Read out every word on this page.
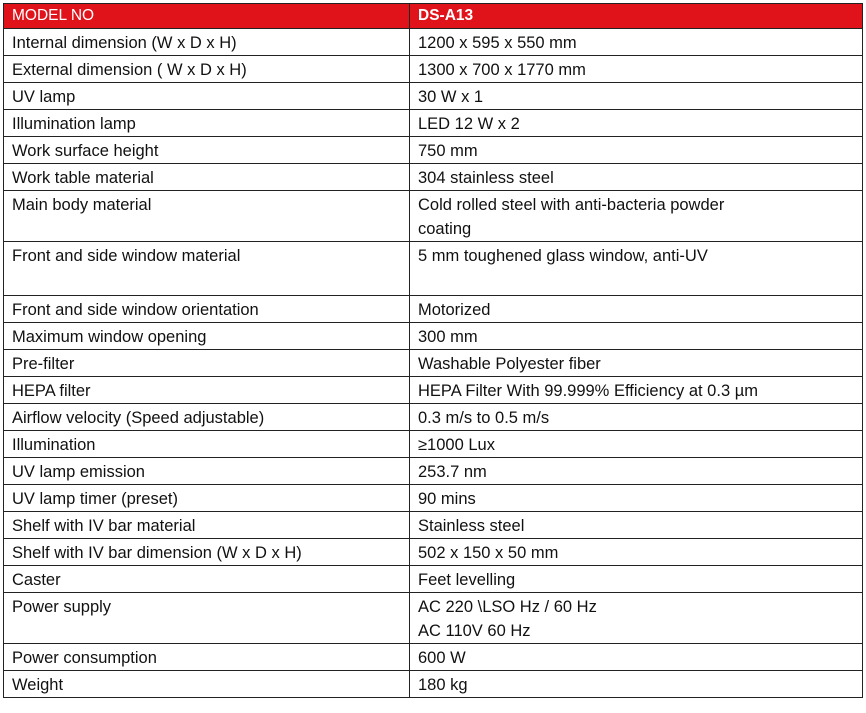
MODEL NO	DS-A13
Internal dimension (W x D x H)	1200 x 595 x 550 mm

External dimension ( W x D x H)	1300 x 700 x 1770 mm

UV lamp	30 W x 1

Illumination lamp	LED 12 W x 2

Work surface height	750 mm

Work table material	304 stainless steel

Main body material	Cold rolled steel with anti-bacteria powder
coating

Front and side window material	5 mm toughened glass window, anti-UV

Front and side window orientation	Motorized

Maximum window opening	300 mm

Pre-filter	Washable Polyester fiber

HEPA filter	HEPA Filter With 99.999% Efficiency at 0.3 µm

Airflow velocity (Speed adjustable)	0.3 m/s to 0.5 m/s

Illumination	≥1000 Lux

UV lamp emission	253.7 nm

UV lamp timer (preset)	90 mins

Shelf with IV bar material	Stainless steel

Shelf with IV bar dimension (W x D x H)	502 x 150 x 50 mm

Caster	Feet levelling

Power supply	AC 220 \LSO Hz / 60 Hz
AC 110V 60 Hz

Power consumption	600 W

Weight	180 kg
